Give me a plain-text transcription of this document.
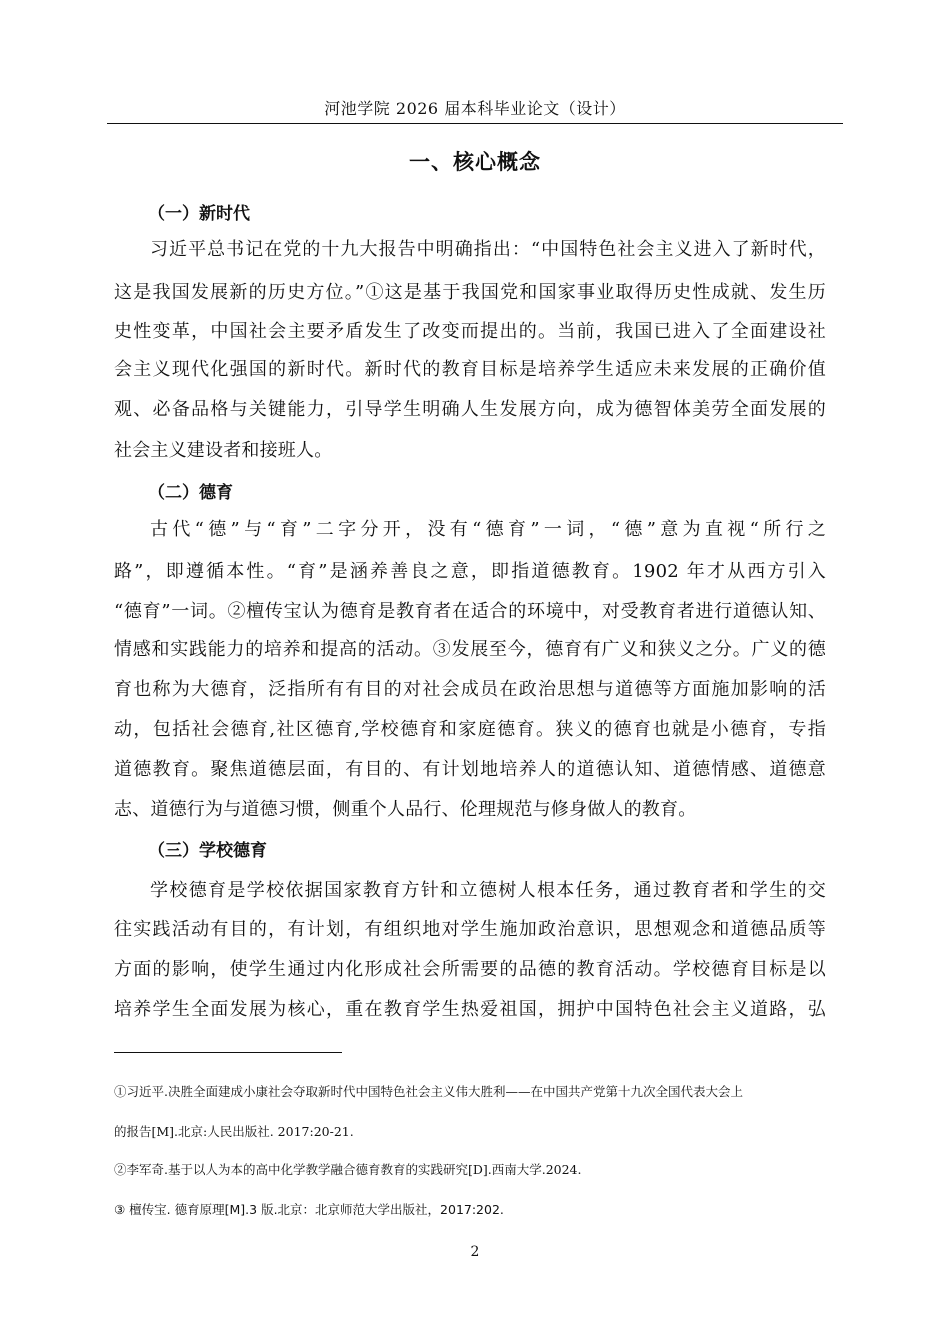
河池学院 2026 届本科毕业论文（设计）
一、核心概念
（一）新时代
习近平总书记在党的十九大报告中明确指出：“中国特色社会主义进入了新时代，
这是我国发展新的历史方位。”①这是基于我国党和国家事业取得历史性成就、发生历
史性变革，中国社会主要矛盾发生了改变而提出的。当前，我国已进入了全面建设社
会主义现代化强国的新时代。新时代的教育目标是培养学生适应未来发展的正确价值
观、必备品格与关键能力，引导学生明确人生发展方向，成为德智体美劳全面发展的
社会主义建设者和接班人。
（二）德育
古代“德”与“育”二字分开，没有“德育”一词，“德”意为直视“所行之
路”，即遵循本性。“育”是涵养善良之意，即指道德教育。1902 年才从西方引入
“德育”一词。②檀传宝认为德育是教育者在适合的环境中，对受教育者进行道德认知、
情感和实践能力的培养和提高的活动。③发展至今，德育有广义和狭义之分。广义的德
育也称为大德育，泛指所有有目的对社会成员在政治思想与道德等方面施加影响的活
动，包括社会德育,社区德育,学校德育和家庭德育。狭义的德育也就是小德育，专指
道德教育。聚焦道德层面，有目的、有计划地培养人的道德认知、道德情感、道德意
志、道德行为与道德习惯，侧重个人品行、伦理规范与修身做人的教育。
（三）学校德育
学校德育是学校依据国家教育方针和立德树人根本任务，通过教育者和学生的交
往实践活动有目的，有计划，有组织地对学生施加政治意识，思想观念和道德品质等
方面的影响，使学生通过内化形成社会所需要的品德的教育活动。学校德育目标是以
培养学生全面发展为核心，重在教育学生热爱祖国，拥护中国特色社会主义道路，弘
①习近平.决胜全面建成小康社会夺取新时代中国特色社会主义伟大胜利——在中国共产党第十九次全国代表大会上
的报告[M].北京:人民出版社. 2017:20-21.
②李军奇.基于以人为本的高中化学教学融合德育教育的实践研究[D].西南大学.2024.
③ 檀传宝. 德育原理[M].3 版.北京：北京师范大学出版社，2017:202.
2
